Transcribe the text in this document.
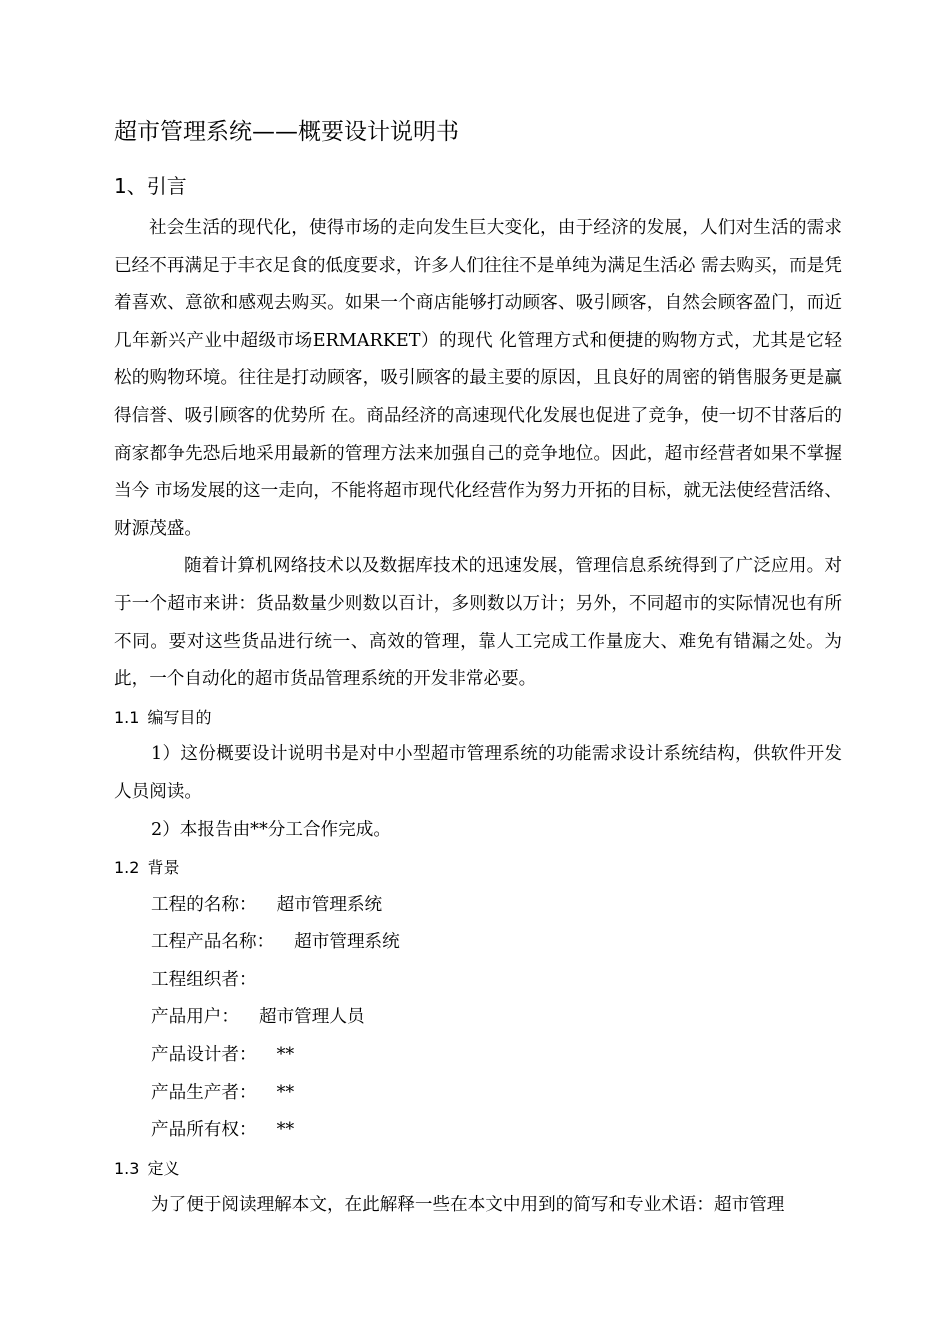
超市管理系统——概要设计说明书
1、引言

社会生活的现代化，使得市场的走向发生巨大变化，由于经济的发展，人们对生活的需求已经不再满足于丰衣足食的低度要求，许多人们往往不是单纯为满足生活必 需去购买，而是凭着喜欢、意欲和感观去购买。如果一个商店能够打动顾客、吸引顾客，自然会顾客盈门，而近几年新兴产业中超级市场ERMARKET）的现代 化管理方式和便捷的购物方式，尤其是它轻松的购物环境。往往是打动顾客，吸引顾客的最主要的原因，且良好的周密的销售服务更是赢得信誉、吸引顾客的优势所 在。商品经济的高速现代化发展也促进了竞争，使一切不甘落后的商家都争先恐后地采用最新的管理方法来加强自己的竞争地位。因此，超市经营者如果不掌握当今 市场发展的这一走向，不能将超市现代化经营作为努力开拓的目标，就无法使经营活络、财源茂盛。

随着计算机网络技术以及数据库技术的迅速发展，管理信息系统得到了广泛应用。对于一个超市来讲：货品数量少则数以百计，多则数以万计；另外，不同超市的实际情况也有所不同。要对这些货品进行统一、高效的管理，靠人工完成工作量庞大、难免有错漏之处。为此，一个自动化的超市货品管理系统的开发非常必要。

1.1 编写目的

1）这份概要设计说明书是对中小型超市管理系统的功能需求设计系统结构，供软件开发人员阅读。

2）本报告由**分工合作完成。

1.2 背景
工程的名称： 超市管理系统
工程产品名称： 超市管理系统
工程组织者：
产品用户： 超市管理人员
产品设计者： **
产品生产者： **
产品所有权： **
1.3 定义

为了便于阅读理解本文，在此解释一些在本文中用到的简写和专业术语：超市管理
